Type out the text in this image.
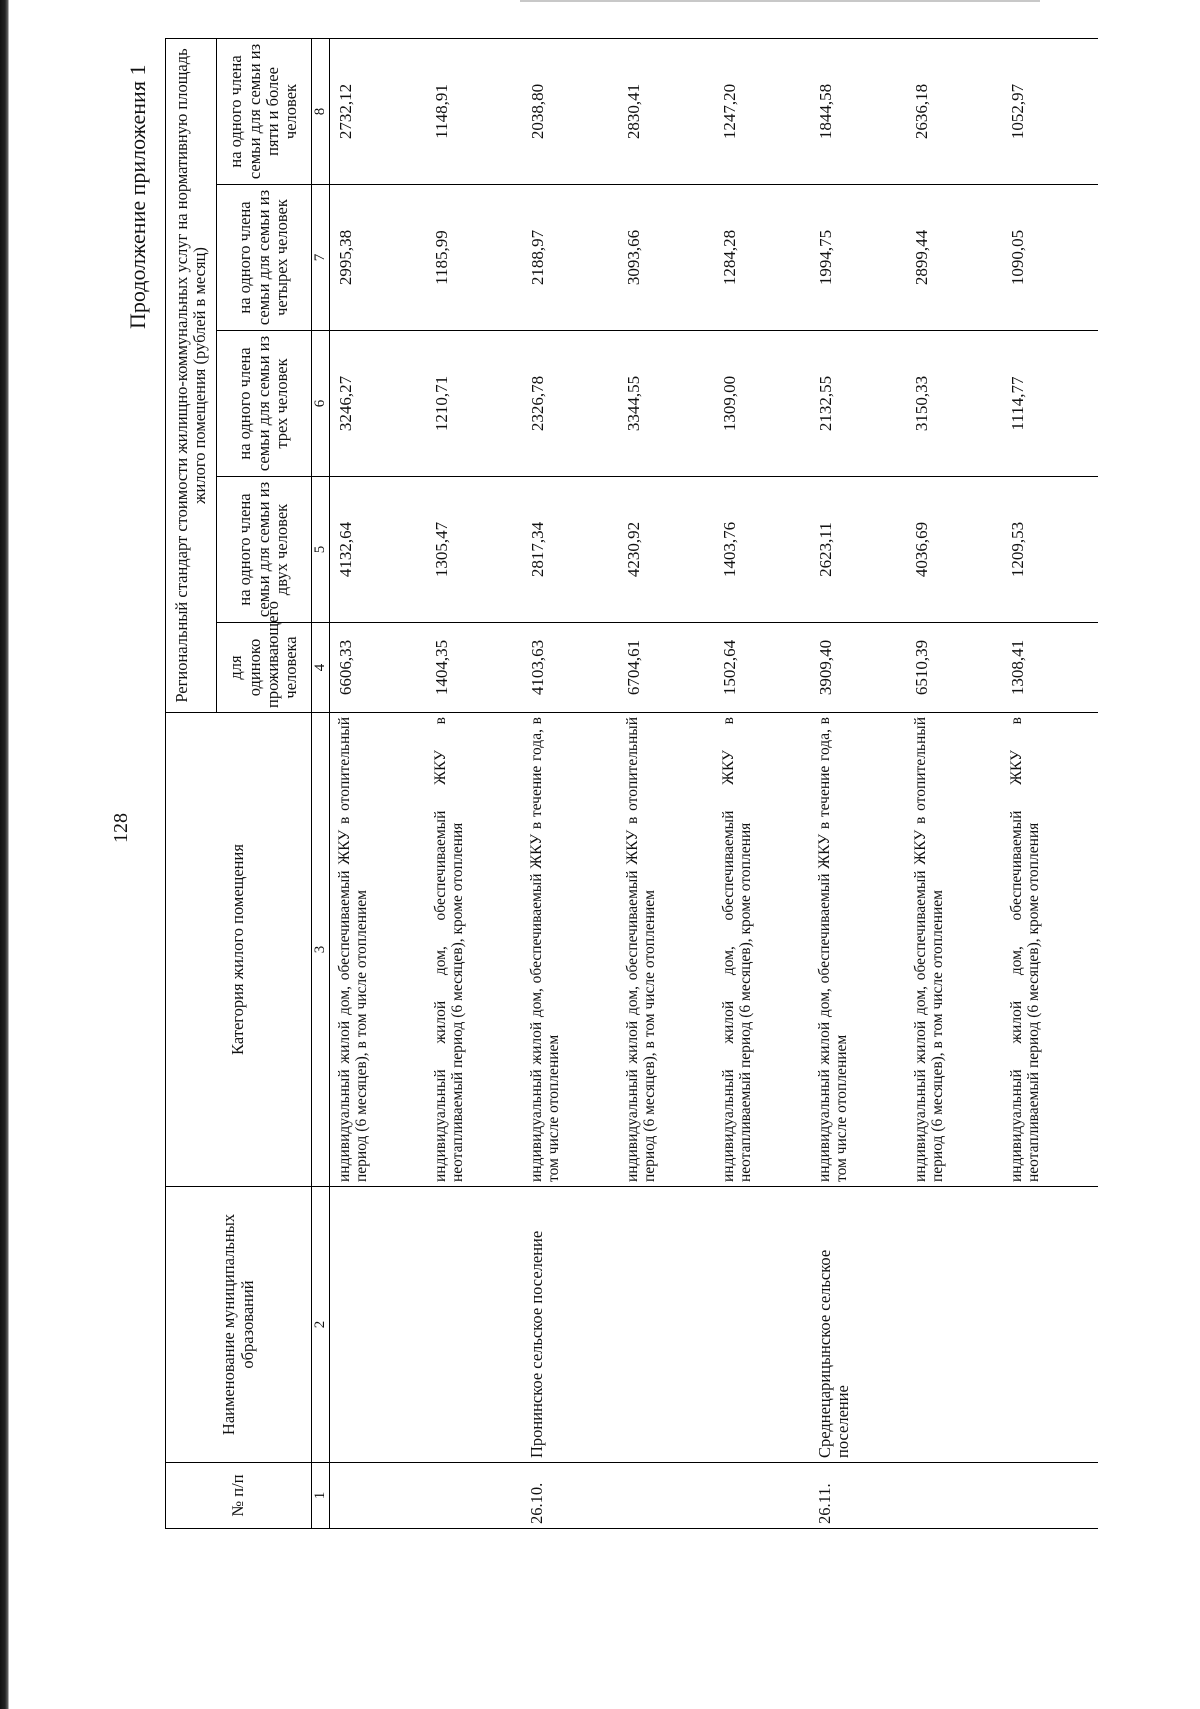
128
Продолжение приложения 1
№ п/п	Наименование муниципальных образований	Категория жилого помещения	Региональный стандарт стоимости жилищно-коммунальных услуг на нормативную площадь жилого помещения (рублей в месяц)				
			для одиноко проживающего человека	на одного члена семьи для семьи из двух человек	на одного члена семьи для семьи из трех человек	на одного члена семьи для семьи из четырех человек	на одного члена семьи для семьи из пяти и более человек
1	2	3	4	5	6	7	8
		индивидуальный жилой дом, обеспечиваемый ЖКУ в отопительный период (6 месяцев), в том числе отоплением	6606,33	4132,64	3246,27	2995,38	2732,12
		индивидуальный жилой дом, обеспечиваемый ЖКУ в неотапливаемый период (6 месяцев), кроме отопления	1404,35	1305,47	1210,71	1185,99	1148,91
26.10.	Пронинское сельское поселение	индивидуальный жилой дом, обеспечиваемый ЖКУ в течение года, в том числе отоплением	4103,63	2817,34	2326,78	2188,97	2038,80
		индивидуальный жилой дом, обеспечиваемый ЖКУ в отопительный период (6 месяцев), в том числе отоплением	6704,61	4230,92	3344,55	3093,66	2830,41
		индивидуальный жилой дом, обеспечиваемый ЖКУ в неотапливаемый период (6 месяцев), кроме отопления	1502,64	1403,76	1309,00	1284,28	1247,20
26.11.	Среднецарицынское сельское поселение	индивидуальный жилой дом, обеспечиваемый ЖКУ в течение года, в том числе отоплением	3909,40	2623,11	2132,55	1994,75	1844,58
		индивидуальный жилой дом, обеспечиваемый ЖКУ в отопительный период (6 месяцев), в том числе отоплением	6510,39	4036,69	3150,33	2899,44	2636,18
		индивидуальный жилой дом, обеспечиваемый ЖКУ в неотапливаемый период (6 месяцев), кроме отопления	1308,41	1209,53	1114,77	1090,05	1052,97
